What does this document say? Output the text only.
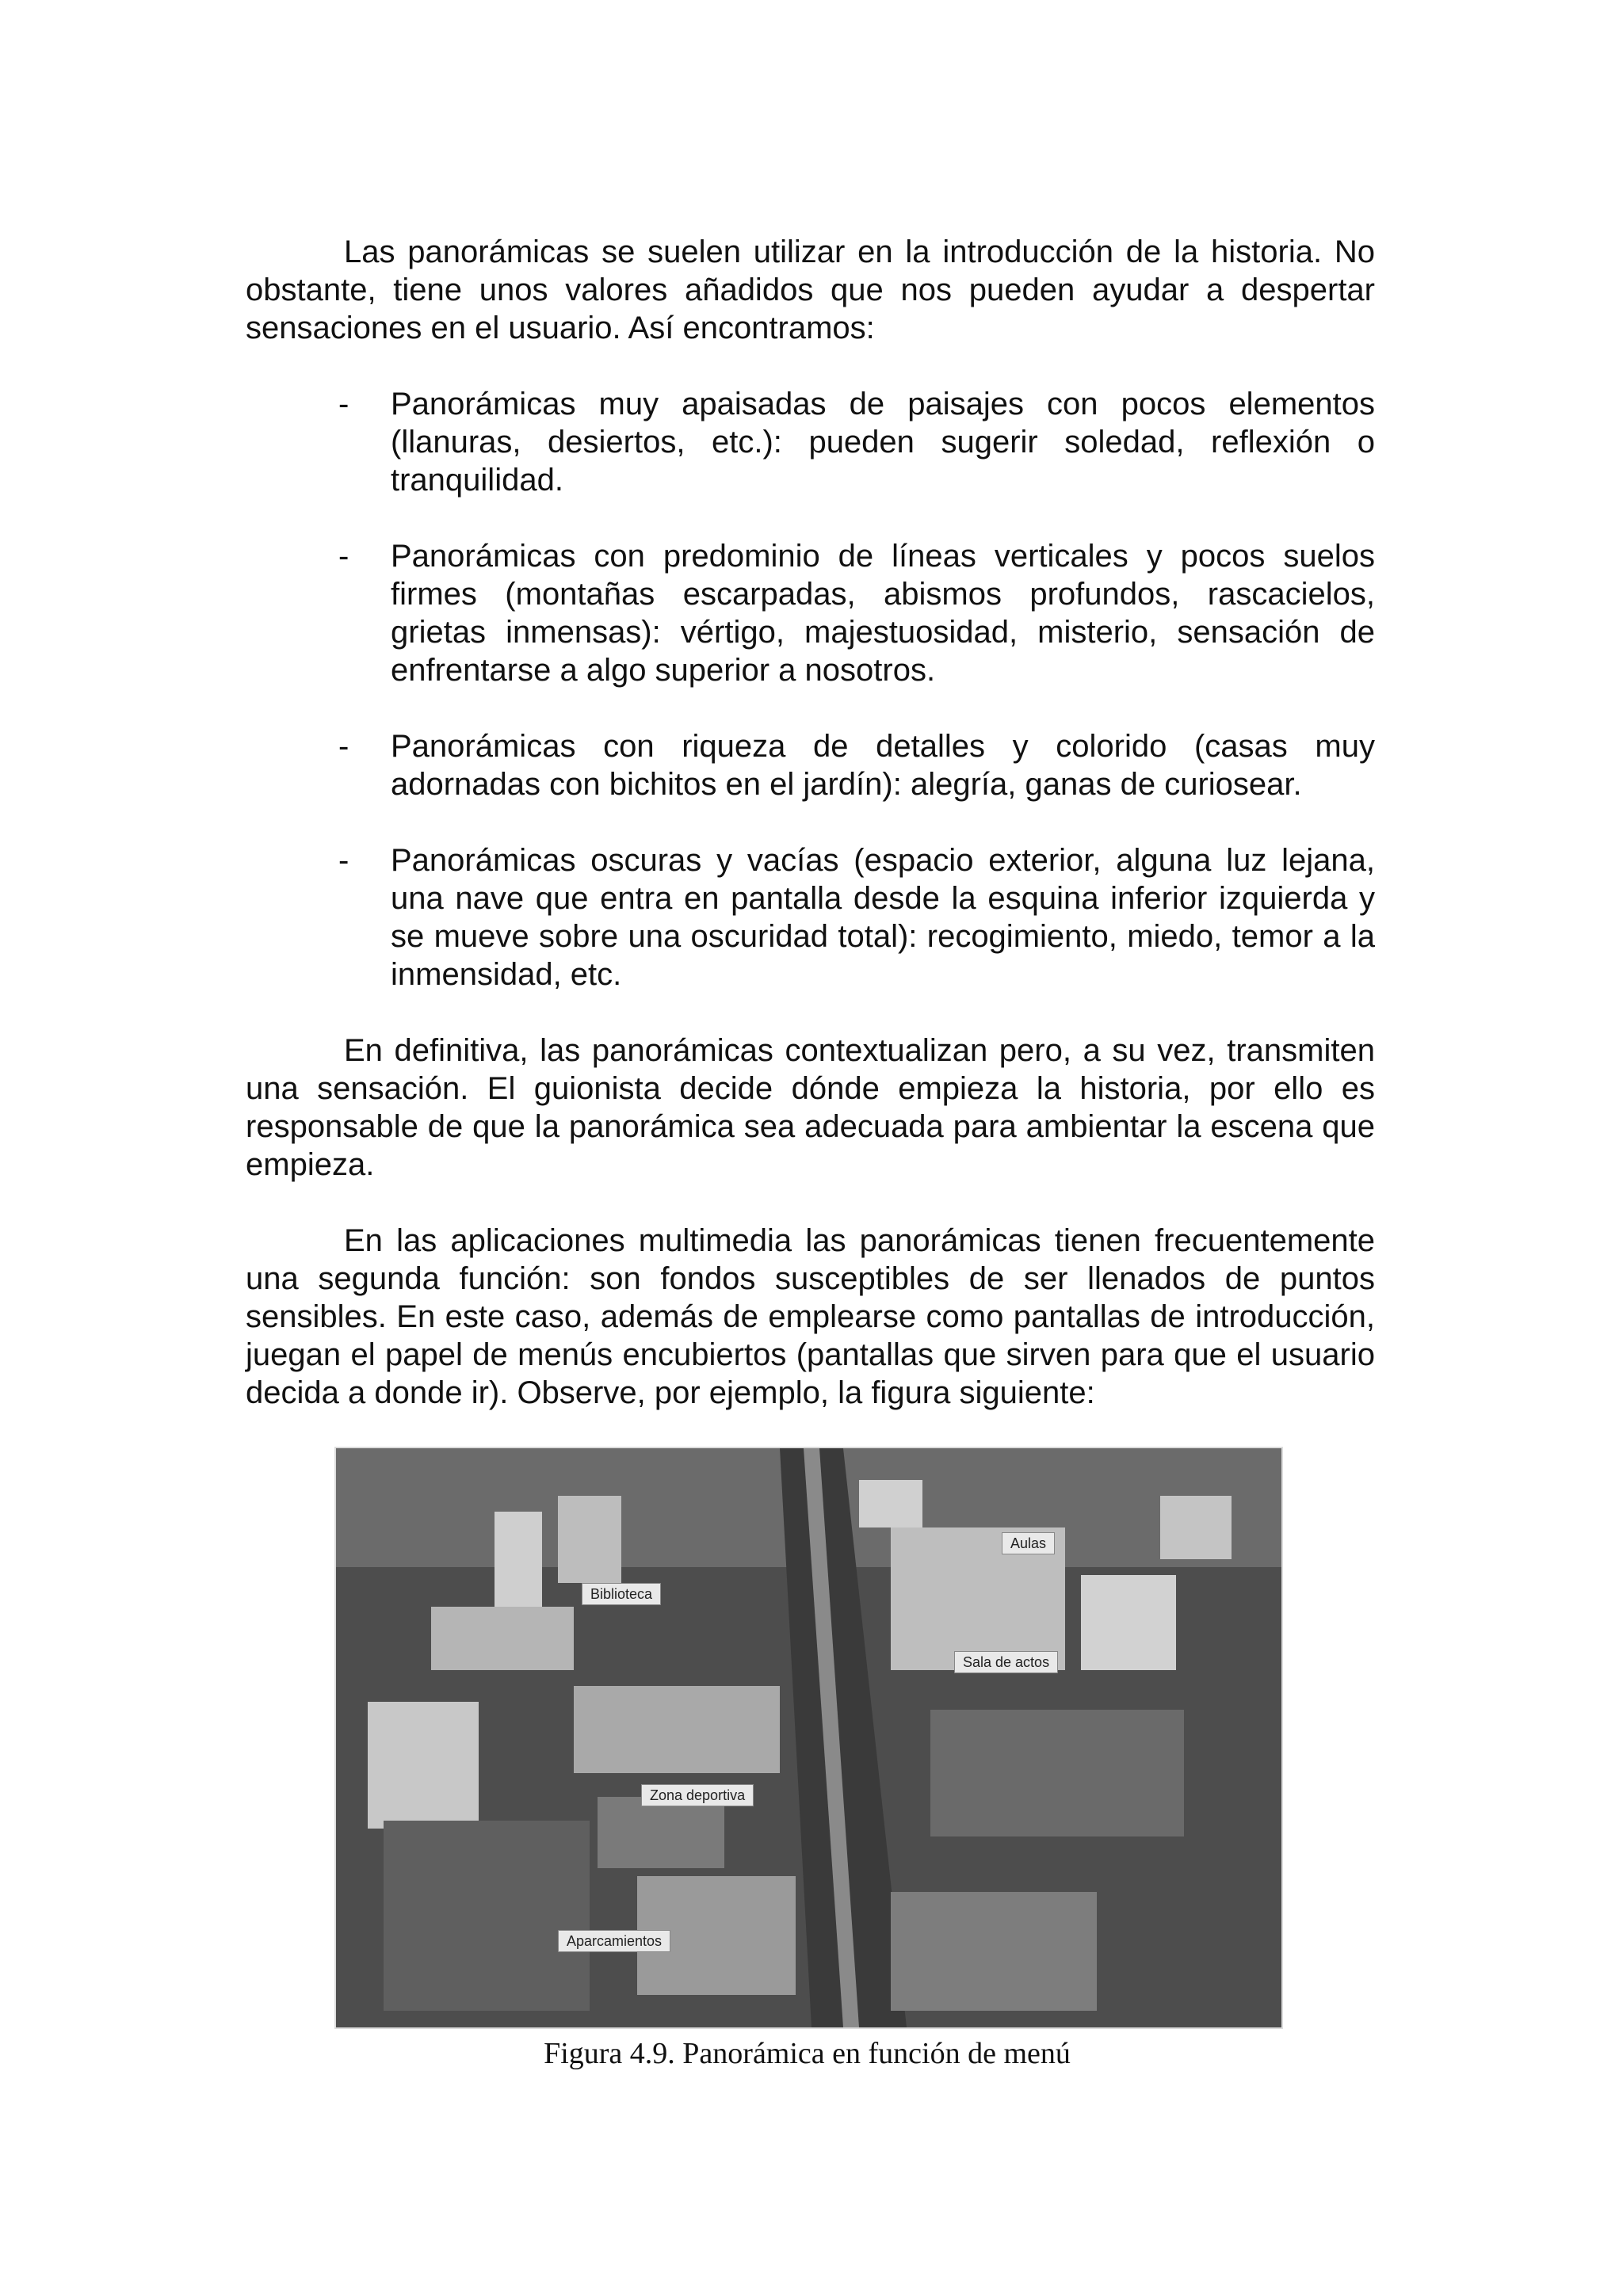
Las panorámicas se suelen utilizar en la introducción de la historia. No obstante, tiene unos valores añadidos que nos pueden ayudar a despertar sensaciones en el usuario. Así encontramos:

-	Panorámicas muy apaisadas de paisajes con pocos elementos (llanuras, desiertos, etc.): pueden sugerir soledad, reflexión o tranquilidad.

-	Panorámicas con predominio de líneas verticales y pocos suelos firmes (montañas escarpadas, abismos profundos, rascacielos, grietas inmensas): vértigo, majestuosidad, misterio, sensación de enfrentarse a algo superior a nosotros.

-	Panorámicas con riqueza de detalles y colorido (casas muy adornadas con bichitos en el jardín): alegría, ganas de curiosear.

-	Panorámicas oscuras y vacías (espacio exterior, alguna luz lejana, una nave que entra en pantalla desde la esquina inferior izquierda y se mueve sobre una oscuridad total): recogimiento, miedo, temor a la inmensidad, etc.

En definitiva, las panorámicas contextualizan pero, a su vez, transmiten una sensación. El guionista decide dónde empieza la historia, por ello es responsable de que la panorámica sea adecuada para ambientar la escena que empieza.

En las aplicaciones multimedia las panorámicas tienen frecuentemente una segunda función: son fondos susceptibles de ser llenados de puntos sensibles. En este caso, además de emplearse como pantallas de introducción, juegan el papel de menús encubiertos (pantallas que sirven para que el usuario decida a donde ir). Observe, por ejemplo, la figura siguiente:

Aulas
Biblioteca
Sala de actos
Zona deportiva
Aparcamientos
Figura 4.9. Panorámica en función de menú
